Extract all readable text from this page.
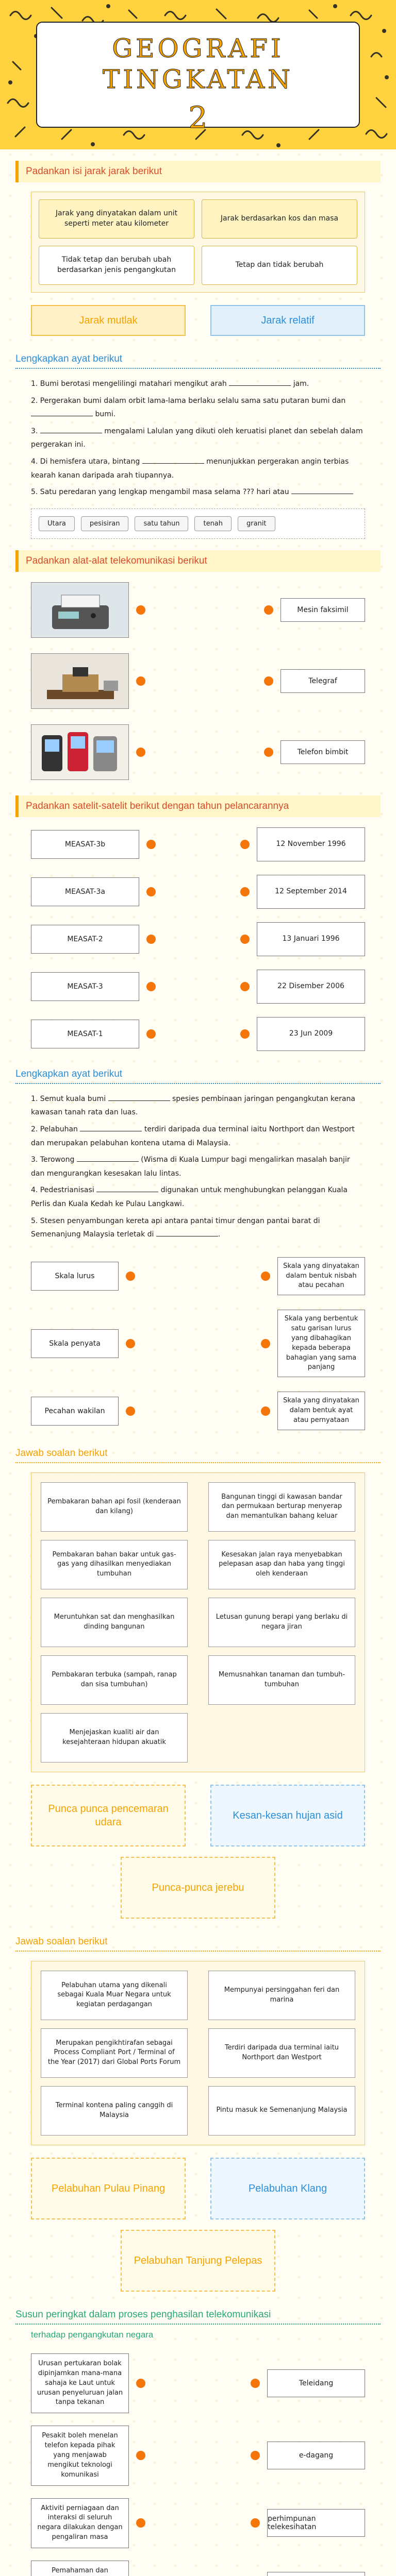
GEOGRAFI TINGKATAN
2
Padankan isi jarak jarak berikut
Jarak yang dinyatakan dalam unit seperti meter atau kilometer
Jarak berdasarkan kos dan masa
Tidak tetap dan berubah ubah berdasarkan jenis pengangkutan
Tetap dan tidak berubah
Jarak mutlak	Jarak relatif
Lengkapkan ayat berikut

1. Bumi berotasi mengelilingi matahari mengikut arah	jam.

2. Pergerakan bumi dalam orbit lama-lama berlaku selalu sama satu putaran bumi dan  bumi.

3.	mengalami Lalulan yang dikuti oleh keruatisi planet dan sebelah dalam pergerakan ini.

4. Di hemisfera utara, bintang	menunjukkan pergerakan angin terbias kearah kanan daripada arah tiupannya.

5. Satu peredaran yang lengkap mengambil masa selama ??? hari atau

Utara	pesisiran	satu tahun	tenah	granit
Padankan alat-alat telekomunikasi berikut
Mesin faksimil
Telegraf
Telefon bimbit
Padankan satelit-satelit berikut dengan tahun pelancarannya
MEASAT-3b	12 November 1996
MEASAT-3a	12 September 2014
MEASAT-2	13 Januari 1996
MEASAT-3	22 Disember 2006
MEASAT-1	23 Jun 2009
Lengkapkan ayat berikut

1. Semut kuala bumi	spesies pembinaan jaringan pengangkutan kerana kawasan tanah rata dan luas.

2. Pelabuhan	terdiri daripada dua terminal iaitu Northport dan Westport dan merupakan pelabuhan kontena utama di Malaysia.

3. Terowong	(Wisma di Kuala Lumpur bagi mengalirkan masalah banjir dan mengurangkan kesesakan lalu lintas.

4. Pedestrianisasi	digunakan untuk menghubungkan pelanggan Kuala Perlis dan Kuala Kedah ke Pulau Langkawi.

5. Stesen penyambungan kereta api antara pantai timur dengan pantai barat di Semenanjung Malaysia terletak di	.

Skala lurus
Skala yang dinyatakan dalam bentuk nisbah atau pecahan
Skala penyata
Skala yang berbentuk satu garisan lurus yang dibahagikan kepada beberapa bahagian yang sama panjang
Pecahan wakilan
Skala yang dinyatakan dalam bentuk ayat atau pernyataan
Jawab soalan berikut
Pembakaran bahan api fosil (kenderaan dan kilang)
Bangunan tinggi di kawasan bandar dan permukaan berturap menyerap dan memantulkan bahang keluar
Pembakaran bahan bakar untuk gas-gas yang dihasilkan menyediakan tumbuhan
Kesesakan jalan raya menyebabkan pelepasan asap dan haba yang tinggi oleh kenderaan
Meruntuhkan sat dan menghasilkan dinding bangunan
Letusan gunung berapi yang berlaku di negara jiran
Pembakaran terbuka (sampah, ranap dan sisa tumbuhan)
Memusnahkan tanaman dan tumbuh-tumbuhan
Menjejaskan kualiti air dan kesejahteraan hidupan akuatik
Punca punca pencemaran udara
Kesan-kesan hujan asid
Punca-punca jerebu
Jawab soalan berikut
Pelabuhan utama yang dikenali sebagai Kuala Muar Negara untuk kegiatan perdagangan
Mempunyai persinggahan feri dan marina
Merupakan pengikhtirafan sebagai Process Compliant Port / Terminal of the Year (2017) dari Global Ports Forum
Terdiri daripada dua terminal iaitu Northport dan Westport
Terminal kontena paling canggih di Malaysia
Pintu masuk ke Semenanjung Malaysia
Pelabuhan Pulau Pinang	Pelabuhan Klang
Pelabuhan Tanjung Pelepas
Susun peringkat dalam proses penghasilan telekomunikasi
terhadap pengangkutan negara
Urusan pertukaran bolak dipinjamkan mana-mana sahaja ke Laut untuk urusan penyeluruan jalan tanpa tekanan
Teleidang
Pesakit boleh menelan telefon kepada pihak yang menjawab mengikut teknologi komunikasi
e-dagang
Aktiviti perniagaan dan interaksi di seluruh negara dilakukan dengan pengaliran masa
perhimpunan telekesihatan
Pemahaman dan
